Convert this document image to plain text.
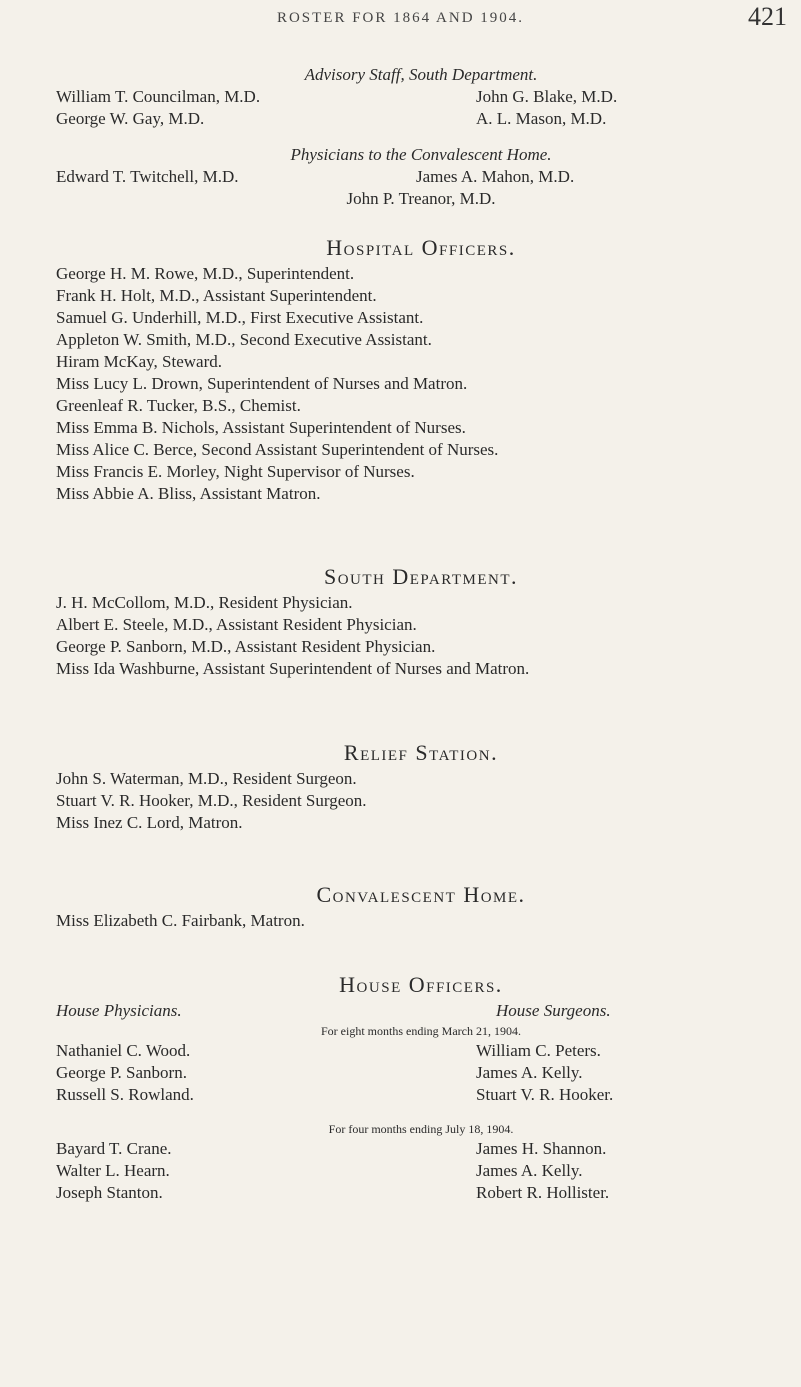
ROSTER FOR 1864 AND 1904.	421
Advisory Staff, South Department.
William T. Councilman, M.D.	John G. Blake, M.D.
George W. Gay, M.D.	A. L. Mason, M.D.
Physicians to the Convalescent Home.
Edward T. Twitchell, M.D.	James A. Mahon, M.D.
John P. Treanor, M.D.
Hospital Officers.
George H. M. Rowe, M.D., Superintendent.
Frank H. Holt, M.D., Assistant Superintendent.
Samuel G. Underhill, M.D., First Executive Assistant.
Appleton W. Smith, M.D., Second Executive Assistant.
Hiram McKay, Steward.
Miss Lucy L. Drown, Superintendent of Nurses and Matron.
Greenleaf R. Tucker, B.S., Chemist.
Miss Emma B. Nichols, Assistant Superintendent of Nurses.
Miss Alice C. Berce, Second Assistant Superintendent of Nurses.
Miss Francis E. Morley, Night Supervisor of Nurses.
Miss Abbie A. Bliss, Assistant Matron.
South Department.
J. H. McCollom, M.D., Resident Physician.
Albert E. Steele, M.D., Assistant Resident Physician.
George P. Sanborn, M.D., Assistant Resident Physician.
Miss Ida Washburne, Assistant Superintendent of Nurses and Matron.
Relief Station.
John S. Waterman, M.D., Resident Surgeon.
Stuart V. R. Hooker, M.D., Resident Surgeon.
Miss Inez C. Lord, Matron.
Convalescent Home.
Miss Elizabeth C. Fairbank, Matron.
House Officers.
House Physicians.	House Surgeons.
For eight months ending March 21, 1904.
Nathaniel C. Wood.	William C. Peters.
George P. Sanborn.	James A. Kelly.
Russell S. Rowland.	Stuart V. R. Hooker.
For four months ending July 18, 1904.
Bayard T. Crane.	James H. Shannon.
Walter L. Hearn.	James A. Kelly.
Joseph Stanton.	Robert R. Hollister.
